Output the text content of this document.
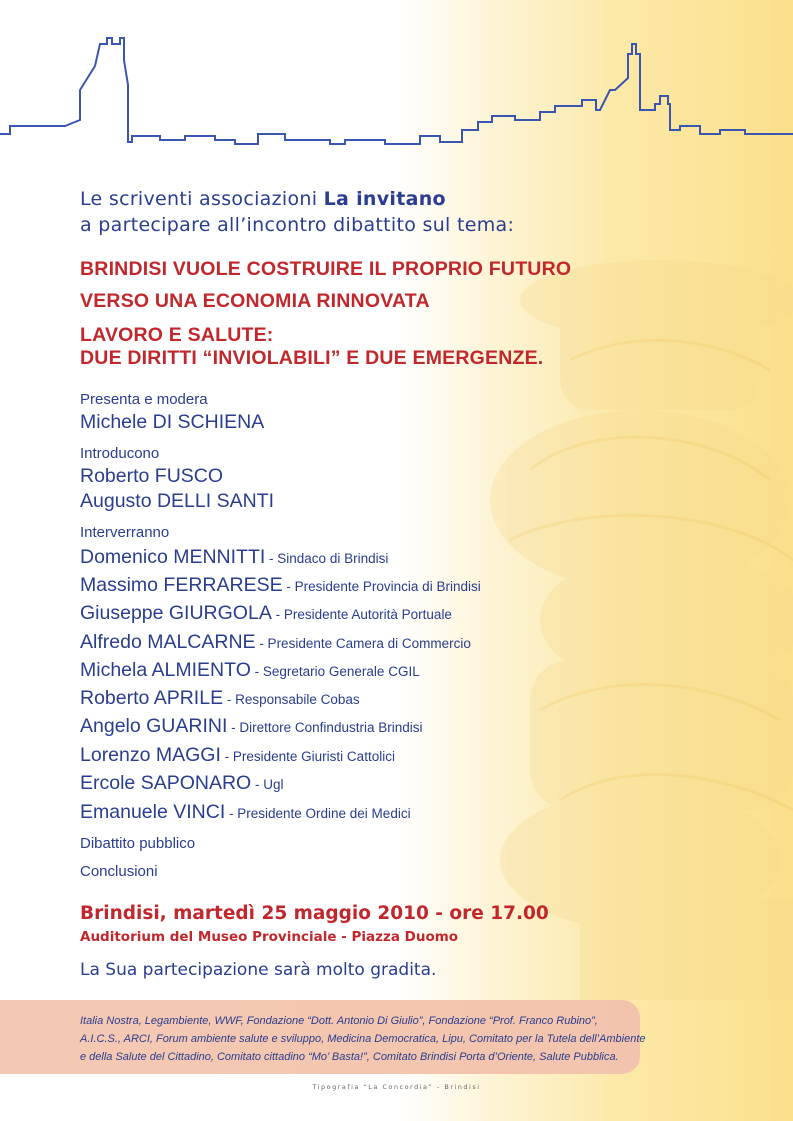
Le scriventi associazioni La invitano
a partecipare all’incontro dibattito sul tema:
BRINDISI VUOLE COSTRUIRE IL PROPRIO FUTURO
VERSO UNA ECONOMIA RINNOVATA
LAVORO E SALUTE:
DUE DIRITTI “INVIOLABILI” E DUE EMERGENZE.
Presenta e modera
Michele DI SCHIENA
Introducono
Roberto FUSCO
Augusto DELLI SANTI
Interverranno
Domenico MENNITTI - Sindaco di Brindisi
Massimo FERRARESE - Presidente Provincia di Brindisi
Giuseppe GIURGOLA - Presidente Autorità Portuale
Alfredo MALCARNE - Presidente Camera di Commercio
Michela ALMIENTO - Segretario Generale CGIL
Roberto APRILE - Responsabile Cobas
Angelo GUARINI - Direttore Confindustria Brindisi
Lorenzo MAGGI - Presidente Giuristi Cattolici
Ercole SAPONARO - Ugl
Emanuele VINCI - Presidente Ordine dei Medici
Dibattito pubblico
Conclusioni
Brindisi, martedì 25 maggio 2010 - ore 17.00
Auditorium del Museo Provinciale - Piazza Duomo
La Sua partecipazione sarà molto gradita.
Italia Nostra, Legambiente, WWF, Fondazione “Dott. Antonio Di Giulio”, Fondazione “Prof. Franco Rubino”,
A.I.C.S., ARCI, Forum ambiente salute e sviluppo, Medicina Democratica, Lipu, Comitato per la Tutela dell’Ambiente
e della Salute del Cittadino, Comitato cittadino “Mo’ Basta!”, Comitato Brindisi Porta d’Oriente, Salute Pubblica.
Tipografia “La Concordia” - Brindisi
